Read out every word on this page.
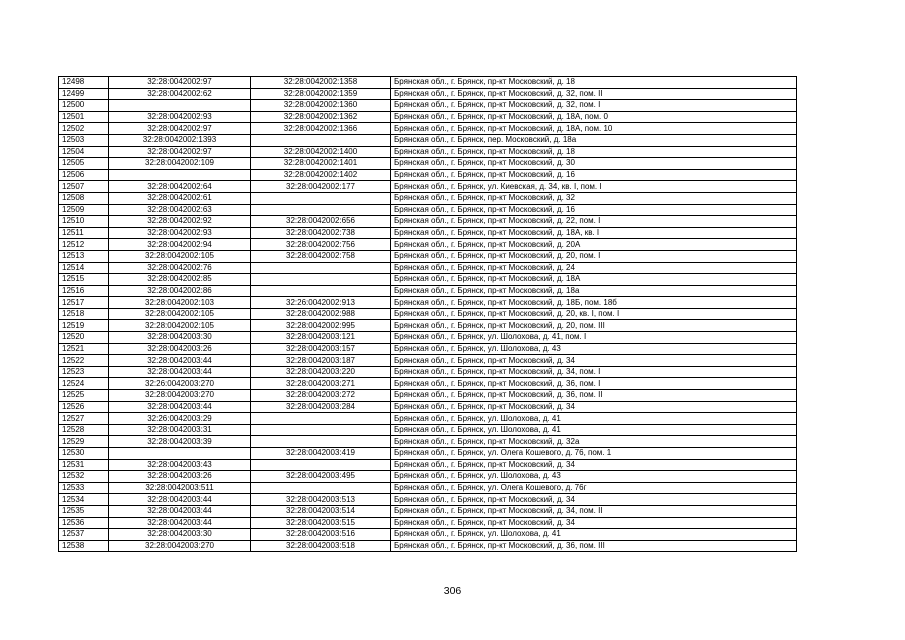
12498	32:28:0042002:97	32:28:0042002:1358	Брянская обл., г. Брянск, пр-кт Московский, д. 18
12499	32:28:0042002:62	32:28:0042002:1359	Брянская обл., г. Брянск, пр-кт Московский, д. 32, пом. II
12500		32:28:0042002:1360	Брянская обл., г. Брянск, пр-кт Московский, д. 32, пом. I
12501	32:28:0042002:93	32:28:0042002:1362	Брянская обл., г. Брянск, пр-кт Московский, д. 18А, пом. 0
12502	32:28:0042002:97	32:28:0042002:1366	Брянская обл., г. Брянск, пр-кт Московский, д. 18А, пом. 10
12503	32:28:0042002:1393		Брянская обл., г. Брянск, пер. Московский, д. 18а
12504	32:28:0042002:97	32:28:0042002:1400	Брянская обл., г. Брянск, пр-кт Московский, д. 18
12505	32:28:0042002:109	32:28:0042002:1401	Брянская обл., г. Брянск, пр-кт Московский, д. 30
12506		32:28:0042002:1402	Брянская обл., г. Брянск, пр-кт Московский, д. 16
12507	32:28:0042002:64	32:28:0042002:177	Брянская обл., г. Брянск, ул. Киевская, д. 34, кв. I, пом. I
12508	32:28:0042002:61		Брянская обл., г. Брянск, пр-кт Московский, д. 32
12509	32:28:0042002:63		Брянская обл., г. Брянск, пр-кт Московский, д. 16
12510	32:28:0042002:92	32:28:0042002:656	Брянская обл., г. Брянск, пр-кт Московский, д. 22, пом. I
12511	32:28:0042002:93	32:28:0042002:738	Брянская обл., г. Брянск, пр-кт Московский, д. 18А, кв. I
12512	32:28:0042002:94	32:28:0042002:756	Брянская обл., г. Брянск, пр-кт Московский, д. 20А
12513	32:28:0042002:105	32:28:0042002:758	Брянская обл., г. Брянск, пр-кт Московский, д. 20, пом. I
12514	32:28:0042002:76		Брянская обл., г. Брянск, пр-кт Московский, д. 24
12515	32:28:0042002:85		Брянская обл., г. Брянск, пр-кт Московский, д. 18А
12516	32:28:0042002:86		Брянская обл., г. Брянск, пр-кт Московский, д. 18а
12517	32:28:0042002:103	32:26:0042002:913	Брянская обл., г. Брянск, пр-кт Московский, д. 18Б, пом. 18б
12518	32:28:0042002:105	32:28:0042002:988	Брянская обл., г. Брянск, пр-кт Московский, д. 20, кв. I, пом. I
12519	32:28:0042002:105	32:28:0042002:995	Брянская обл., г. Брянск, пр-кт Московский, д. 20, пом. III
12520	32:28:0042003:30	32:28:0042003:121	Брянская обл., г. Брянск, ул. Шолохова, д. 41, пом. I
12521	32:28:0042003:26	32:28:0042003:157	Брянская обл., г. Брянск, ул. Шолохова, д. 43
12522	32:28:0042003:44	32:28:0042003:187	Брянская обл., г. Брянск, пр-кт Московский, д. 34
12523	32:28:0042003:44	32:28:0042003:220	Брянская обл., г. Брянск, пр-кт Московский, д. 34, пом. I
12524	32:26:0042003:270	32:28:0042003:271	Брянская обл., г. Брянск, пр-кт Московский, д. 36, пом. I
12525	32:28:0042003:270	32:28:0042003:272	Брянская обл., г. Брянск, пр-кт Московский, д. 36, пом. II
12526	32:28:0042003:44	32:28:0042003:284	Брянская обл., г. Брянск, пр-кт Московский, д. 34
12527	32:26:0042003:29		Брянская обл., г. Брянск, ул. Шолохова, д. 41
12528	32:28:0042003:31		Брянская обл., г. Брянск, ул. Шолохова, д. 41
12529	32:28:0042003:39		Брянская обл., г. Брянск, пр-кт Московский, д. 32а
12530		32:28:0042003:419	Брянская обл., г. Брянск, ул. Олега Кошевого, д. 76, пом. 1
12531	32:28:0042003:43		Брянская обл., г. Брянск, пр-кт Московский, д. 34
12532	32:28:0042003:26	32:28:0042003:495	Брянская обл., г. Брянск, ул. Шолохова, д. 43
12533	32:28:0042003:511		Брянская обл., г. Брянск, ул. Олега Кошевого, д. 76г
12534	32:28:0042003:44	32:28:0042003:513	Брянская обл., г. Брянск, пр-кт Московский, д. 34
12535	32:28:0042003:44	32:28:0042003:514	Брянская обл., г. Брянск, пр-кт Московский, д. 34, пом. II
12536	32:28:0042003:44	32:28:0042003:515	Брянская обл., г. Брянск, пр-кт Московский, д. 34
12537	32:28:0042003:30	32:28:0042003:516	Брянская обл., г. Брянск, ул. Шолохова, д. 41
12538	32:28:0042003:270	32:28:0042003:518	Брянская обл., г. Брянск, пр-кт Московский, д. 36, пом. III
306
